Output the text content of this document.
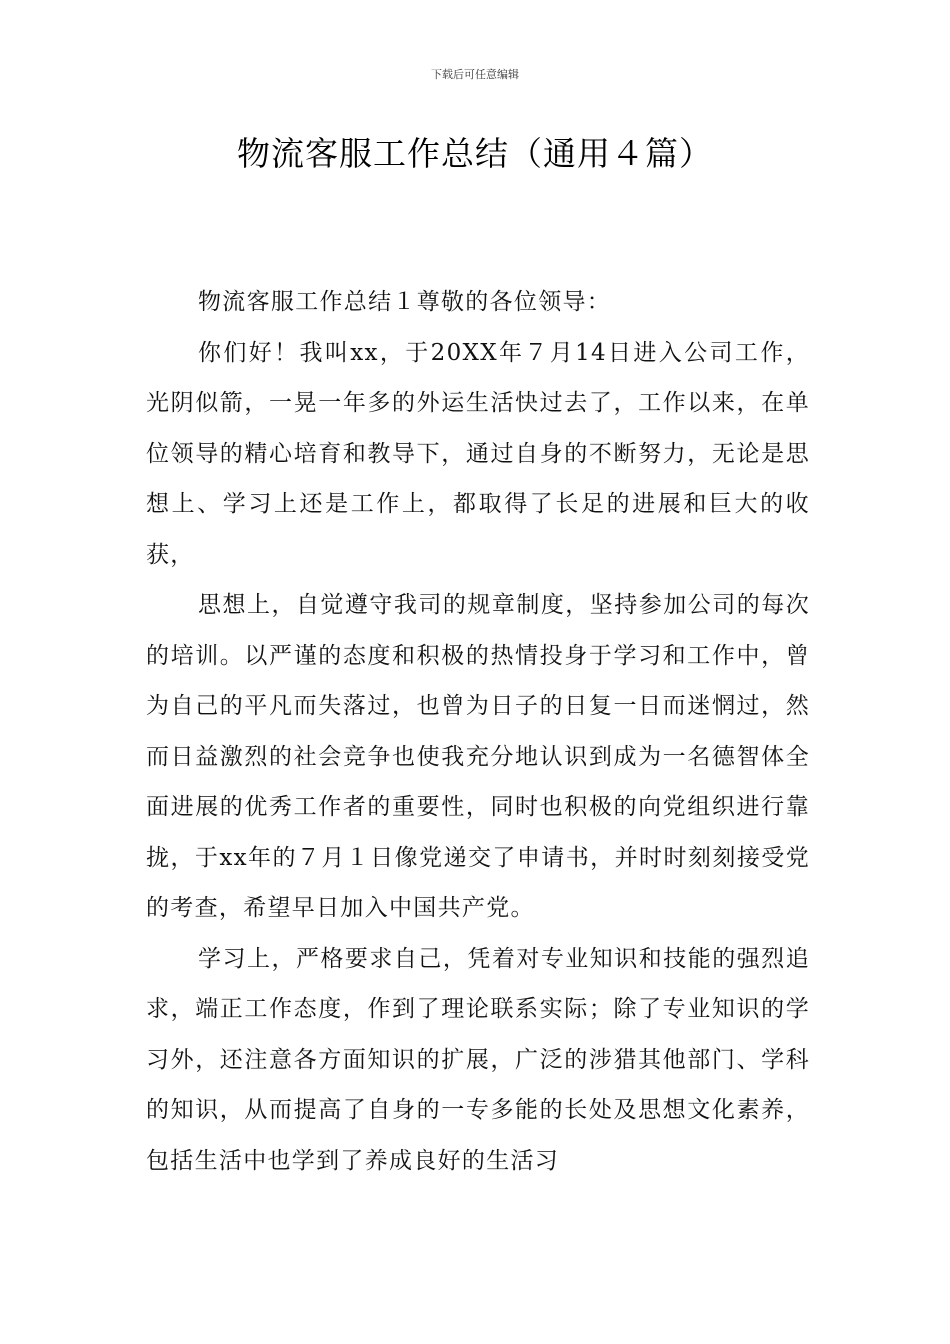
下载后可任意编辑
物流客服工作总结（通用４篇）

物流客服工作总结１尊敬的各位领导：

你们好！我叫xx，于20XX年７月14日进入公司工作，光阴似箭，一晃一年多的外运生活快过去了，工作以来，在单位领导的精心培育和教导下，通过自身的不断努力，无论是思想上、学习上还是工作上，都取得了长足的进展和巨大的收获，

思想上，自觉遵守我司的规章制度，坚持参加公司的每次的培训。以严谨的态度和积极的热情投身于学习和工作中，曾为自己的平凡而失落过，也曾为日子的日复一日而迷惘过，然而日益激烈的社会竞争也使我充分地认识到成为一名德智体全面进展的优秀工作者的重要性，同时也积极的向党组织进行靠拢，于xx年的７月１日像党递交了申请书，并时时刻刻接受党的考查，希望早日加入中国共产党。

学习上，严格要求自己，凭着对专业知识和技能的强烈追求，端正工作态度，作到了理论联系实际；除了专业知识的学习外，还注意各方面知识的扩展，广泛的涉猎其他部门、学科的知识，从而提高了自身的一专多能的长处及思想文化素养，包括生活中也学到了养成良好的生活习
